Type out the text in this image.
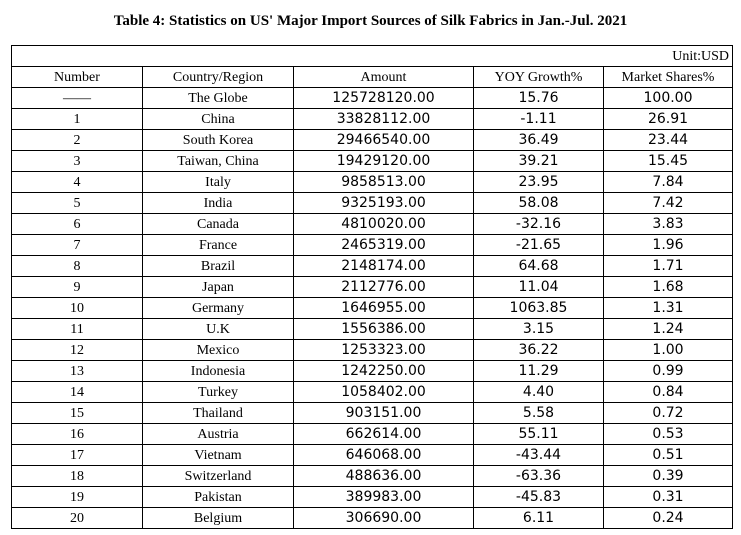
Table 4: Statistics on US' Major Import Sources of Silk Fabrics in Jan.-Jul. 2021
Unit:USD				
Number	Country/Region	Amount	YOY Growth%	Market Shares%
——	The Globe	125728120.00	15.76	100.00
1	China	33828112.00	-1.11	26.91
2	South Korea	29466540.00	36.49	23.44
3	Taiwan, China	19429120.00	39.21	15.45
4	Italy	9858513.00	23.95	7.84
5	India	9325193.00	58.08	7.42
6	Canada	4810020.00	-32.16	3.83
7	France	2465319.00	-21.65	1.96
8	Brazil	2148174.00	64.68	1.71
9	Japan	2112776.00	11.04	1.68
10	Germany	1646955.00	1063.85	1.31
11	U.K	1556386.00	3.15	1.24
12	Mexico	1253323.00	36.22	1.00
13	Indonesia	1242250.00	11.29	0.99
14	Turkey	1058402.00	4.40	0.84
15	Thailand	903151.00	5.58	0.72
16	Austria	662614.00	55.11	0.53
17	Vietnam	646068.00	-43.44	0.51
18	Switzerland	488636.00	-63.36	0.39
19	Pakistan	389983.00	-45.83	0.31
20	Belgium	306690.00	6.11	0.24
